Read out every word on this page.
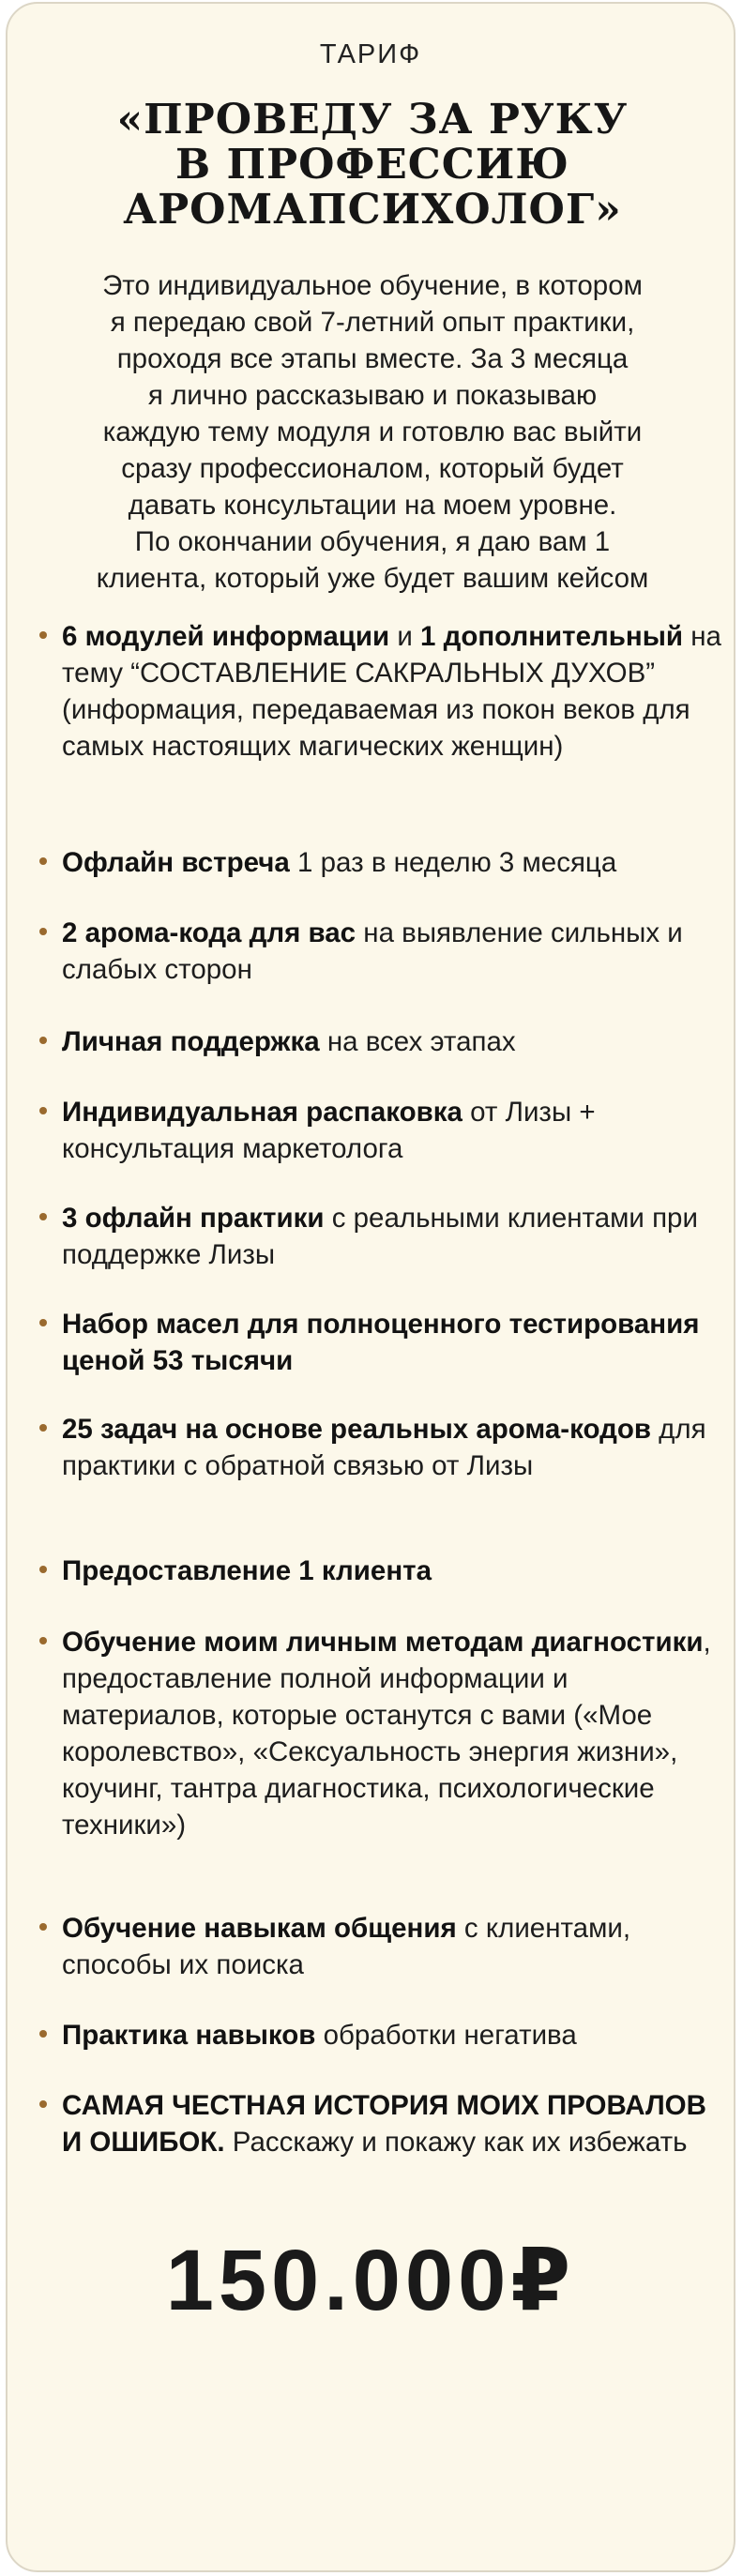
ТАРИФ
«ПРОВЕДУ ЗА РУКУ
В ПРОФЕССИЮ
АРОМАПСИХОЛОГ»

Это индивидуальное обучение, в котором
я передаю свой 7-летний опыт практики,
проходя все этапы вместе. За 3 месяца
я лично рассказываю и показываю
каждую тему модуля и готовлю вас выйти
сразу профессионалом, который будет
давать консультации на моем уровне.
По окончании обучения, я даю вам 1
клиента, который уже будет вашим кейсом

6 модулей информации и 1 дополнительный на тему “СОСТАВЛЕНИЕ САКРАЛЬНЫХ ДУХОВ” (информация, передаваемая из покон веков для самых настоящих магических женщин)
Офлайн встреча 1 раз в неделю 3 месяца
2 арома-кода для вас на выявление сильных и слабых сторон
Личная поддержка на всех этапах
Индивидуальная распаковка от Лизы + консультация маркетолога
3 офлайн практики с реальными клиентами при поддержке Лизы
Набор масел для полноценного тестирования ценой 53 тысячи
25 задач на основе реальных арома-кодов для практики с обратной связью от Лизы
Предоставление 1 клиента
Обучение моим личным методам диагностики, предоставление полной информации и материалов, которые останутся с вами («Мое королевство», «Сексуальность энергия жизни», коучинг, тантра диагностика, психологические техники»)
Обучение навыкам общения с клиентами, способы их поиска
Практика навыков обработки негатива
САМАЯ ЧЕСТНАЯ ИСТОРИЯ МОИХ ПРОВАЛОВ И ОШИБОК. Расскажу и покажу как их избежать
150.000₽
